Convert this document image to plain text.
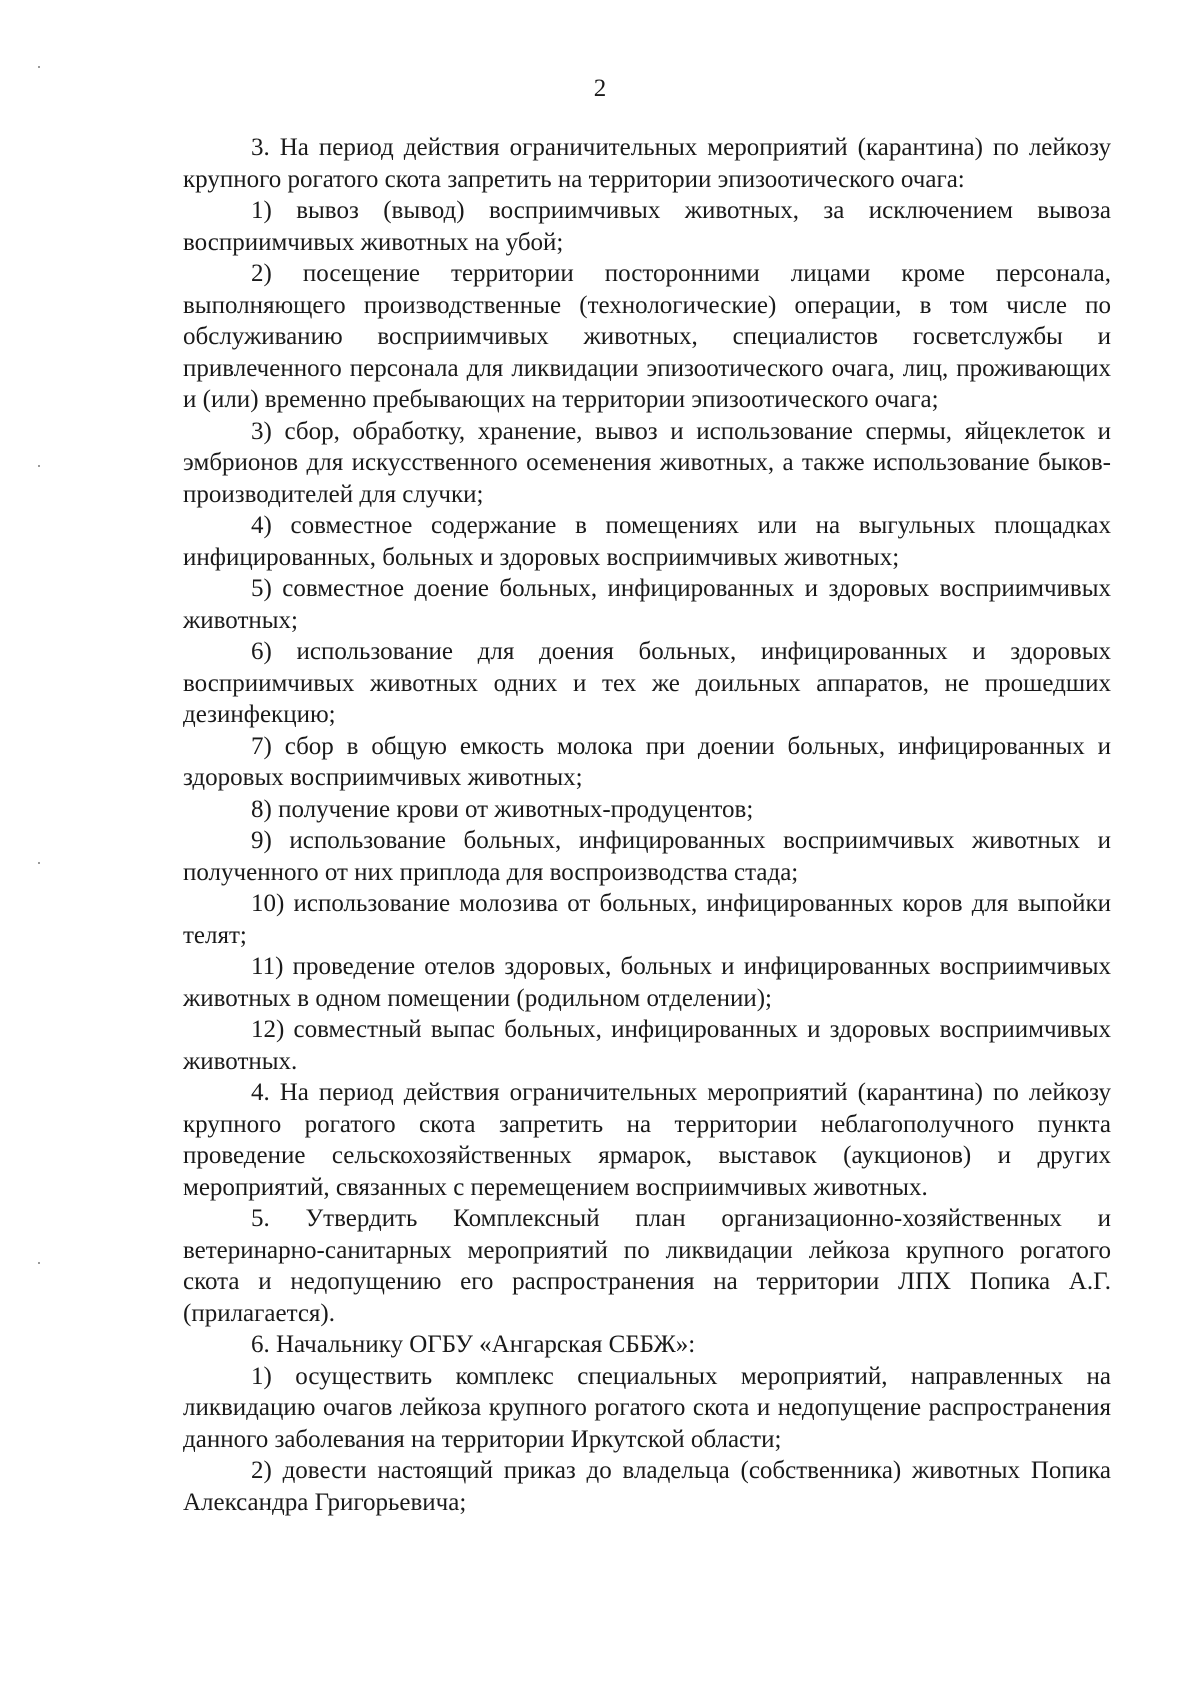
2

3. На период действия ограничительных мероприятий (карантина) по лейкозу крупного рогатого скота запретить на территории эпизоотического очага:

1) вывоз (вывод) восприимчивых животных, за исключением вывоза восприимчивых животных на убой;

2) посещение территории посторонними лицами кроме персонала, выполняющего производственные (технологические) операции, в том числе по обслуживанию восприимчивых животных, специалистов госветслужбы и привлеченного персонала для ликвидации эпизоотического очага, лиц, проживающих и (или) временно пребывающих на территории эпизоотического очага;

3) сбор, обработку, хранение, вывоз и использование спермы, яйцеклеток и эмбрионов для искусственного осеменения животных, а также использование быков-производителей для случки;

4) совместное содержание в помещениях или на выгульных площадках инфицированных, больных и здоровых восприимчивых животных;

5) совместное доение больных, инфицированных и здоровых восприимчивых животных;

6) использование для доения больных, инфицированных и здоровых восприимчивых животных одних и тех же доильных аппаратов, не прошедших дезинфекцию;

7) сбор в общую емкость молока при доении больных, инфицированных и здоровых восприимчивых животных;

8) получение крови от животных-продуцентов;

9) использование больных, инфицированных восприимчивых животных и полученного от них приплода для воспроизводства стада;

10) использование молозива от больных, инфицированных коров для выпойки телят;

11) проведение отелов здоровых, больных и инфицированных восприимчивых животных в одном помещении (родильном отделении);

12) совместный выпас больных, инфицированных и здоровых восприимчивых животных.

4. На период действия ограничительных мероприятий (карантина) по лейкозу крупного рогатого скота запретить на территории неблагополучного пункта проведение сельскохозяйственных ярмарок, выставок (аукционов) и других мероприятий, связанных с перемещением восприимчивых животных.

5. Утвердить Комплексный план организационно-хозяйственных и ветеринарно-санитарных мероприятий по ликвидации лейкоза крупного рогатого скота и недопущению его распространения на территории ЛПХ Попика А.Г. (прилагается).

6. Начальнику ОГБУ «Ангарская СББЖ»:

1) осуществить комплекс специальных мероприятий, направленных на ликвидацию очагов лейкоза крупного рогатого скота и недопущение распространения данного заболевания на территории Иркутской области;

2) довести настоящий приказ до владельца (собственника) животных Попика Александра Григорьевича;
